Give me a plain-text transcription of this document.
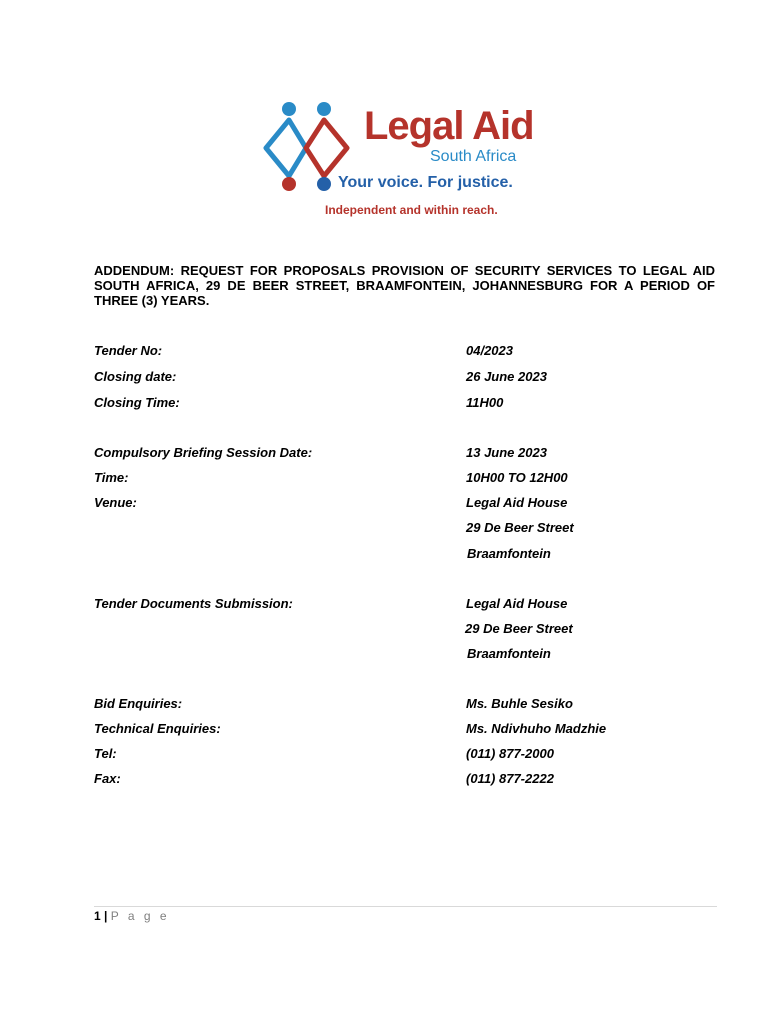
Legal Aid
South Africa
Your voice. For justice.
Independent and within reach.
ADDENDUM: REQUEST FOR PROPOSALS PROVISION OF SECURITY SERVICES TO LEGAL AID SOUTH AFRICA, 29 DE BEER STREET, BRAAMFONTEIN, JOHANNESBURG FOR A PERIOD OF THREE (3) YEARS.
Tender No:	04/2023
Closing date:	26 June 2023
Closing Time:	11H00
Compulsory Briefing Session Date:	13 June 2023
Time:	10H00 TO 12H00
Venue:	Legal Aid House
29 De Beer Street
Braamfontein
Tender Documents Submission:	Legal Aid House
29 De Beer Street
Braamfontein
Bid Enquiries:	Ms. Buhle Sesiko
Technical Enquiries:	Ms. Ndivhuho Madzhie
Tel:	(011) 877-2000
Fax:	(011) 877-2222
1 | P a g e
